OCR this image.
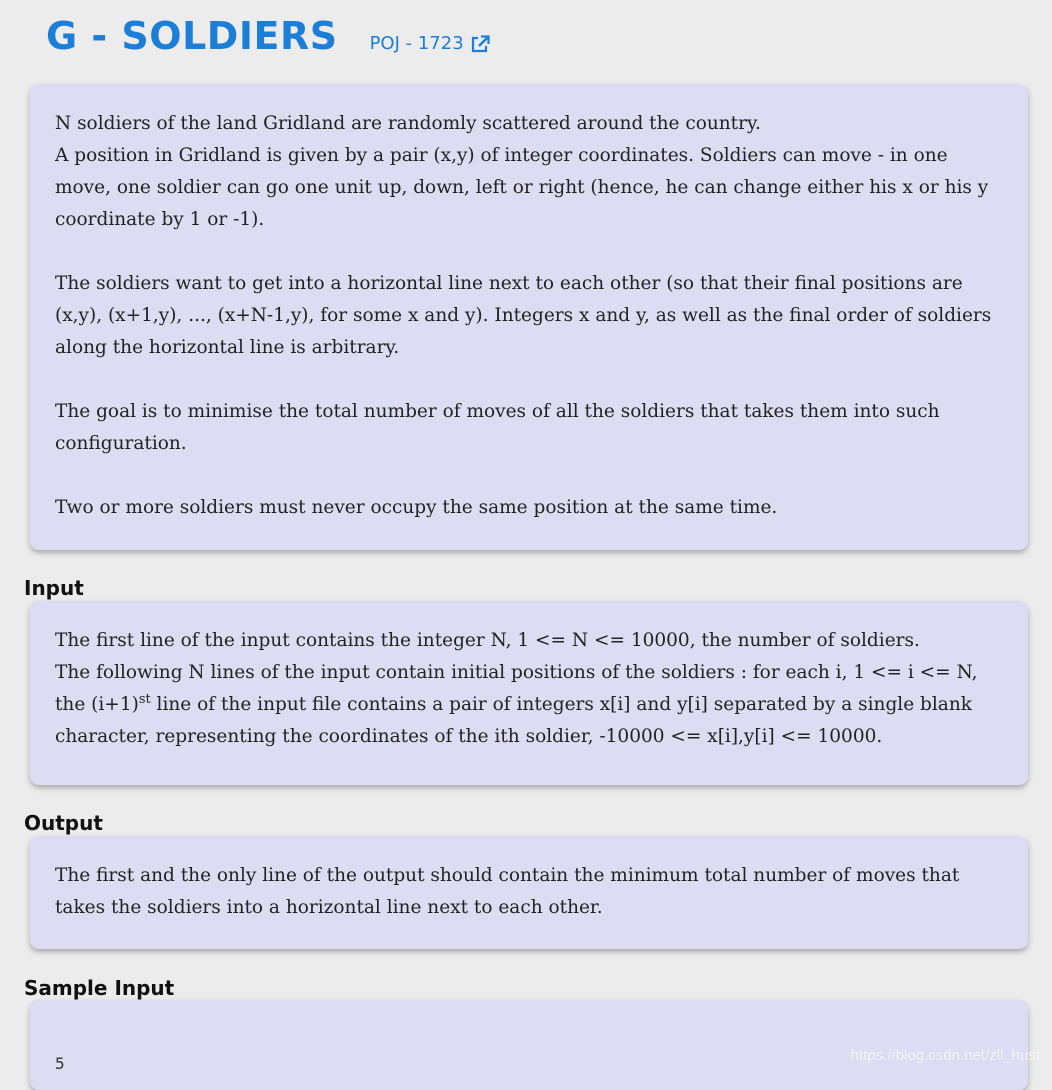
G - SOLDIERS POJ - 1723

N soldiers of the land Gridland are randomly scattered around the country.

A position in Gridland is given by a pair (x,y) of integer coordinates. Soldiers can move - in one move, one soldier can go one unit up, down, left or right (hence, he can change either his x or his y coordinate by 1 or -1).

The soldiers want to get into a horizontal line next to each other (so that their final positions are (x,y), (x+1,y), ..., (x+N-1,y), for some x and y). Integers x and y, as well as the final order of soldiers along the horizontal line is arbitrary.

The goal is to minimise the total number of moves of all the soldiers that takes them into such configuration.

Two or more soldiers must never occupy the same position at the same time.

Input

The first line of the input contains the integer N, 1 <= N <= 10000, the number of soldiers.

The following N lines of the input contain initial positions of the soldiers : for each i, 1 <= i <= N, the $(i+1)^{st}$ line of the input file contains a pair of integers x[i] and y[i] separated by a single blank character, representing the coordinates of the ith soldier, -10000 <= x[i],y[i] <= 10000.

Output

The first and the only line of the output should contain the minimum total number of moves that takes the soldiers into a horizontal line next to each other.

Sample Input
5	https://blog.csdn.net/zll_hust
